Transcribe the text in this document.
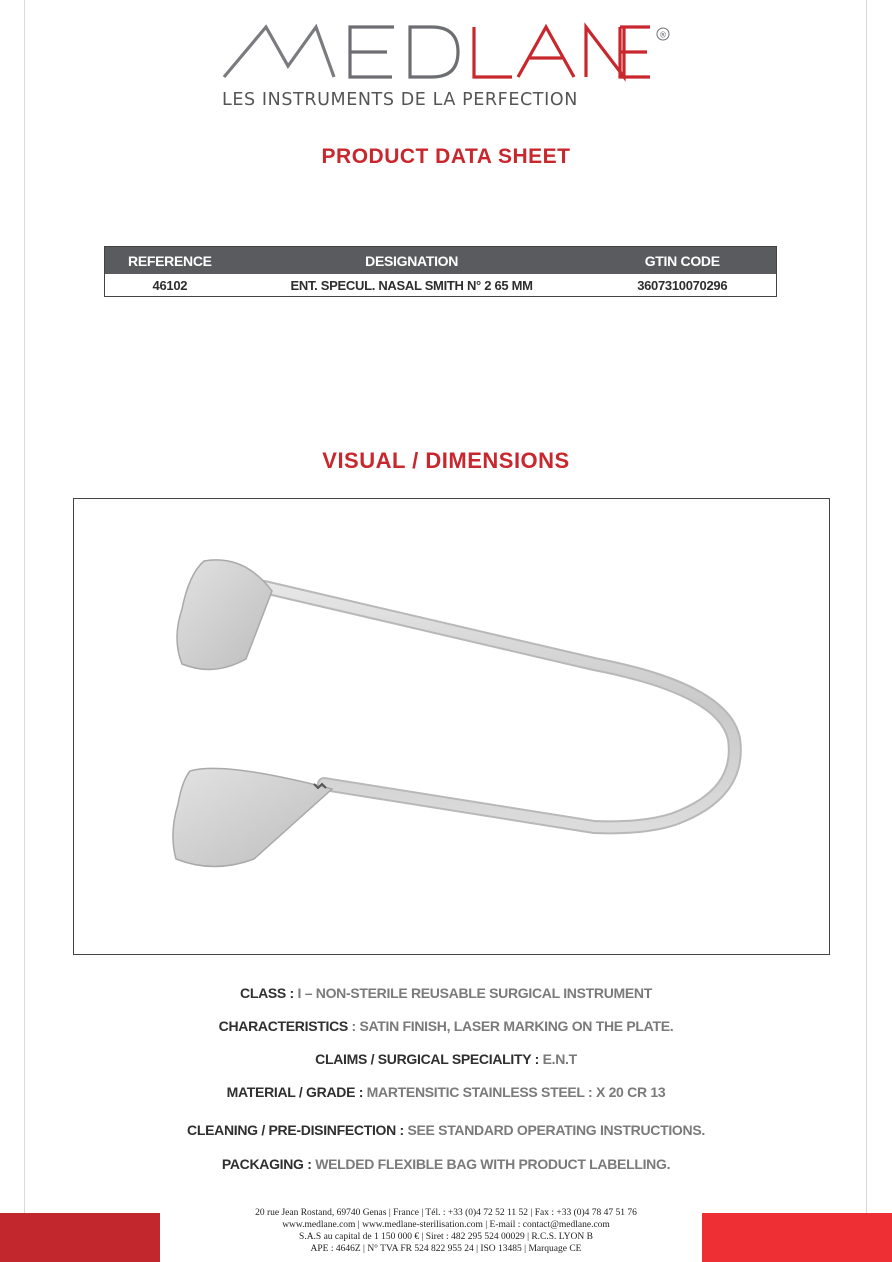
®
LES INSTRUMENTS DE LA PERFECTION
PRODUCT DATA SHEET
REFERENCE	DESIGNATION	GTIN CODE
46102	ENT. SPECUL. NASAL SMITH N° 2 65 MM	3607310070296
VISUAL / DIMENSIONS
CLASS : I – NON-STERILE REUSABLE SURGICAL INSTRUMENT
CHARACTERISTICS : SATIN FINISH, LASER MARKING ON THE PLATE.
CLAIMS / SURGICAL SPECIALITY : E.N.T
MATERIAL / GRADE : MARTENSITIC STAINLESS STEEL : X 20 CR 13
CLEANING / PRE-DISINFECTION : SEE STANDARD OPERATING INSTRUCTIONS.
PACKAGING : WELDED FLEXIBLE BAG WITH PRODUCT LABELLING.
20 rue Jean Rostand, 69740 Genas | France | Tél. : +33 (0)4 72 52 11 52 | Fax : +33 (0)4 78 47 51 76
www.medlane.com | www.medlane-sterilisation.com | E-mail : contact@medlane.com
S.A.S au capital de 1 150 000 € | Siret : 482 295 524 00029 | R.C.S. LYON B
APE : 4646Z | N° TVA FR 524 822 955 24 | ISO 13485 | Marquage CE
